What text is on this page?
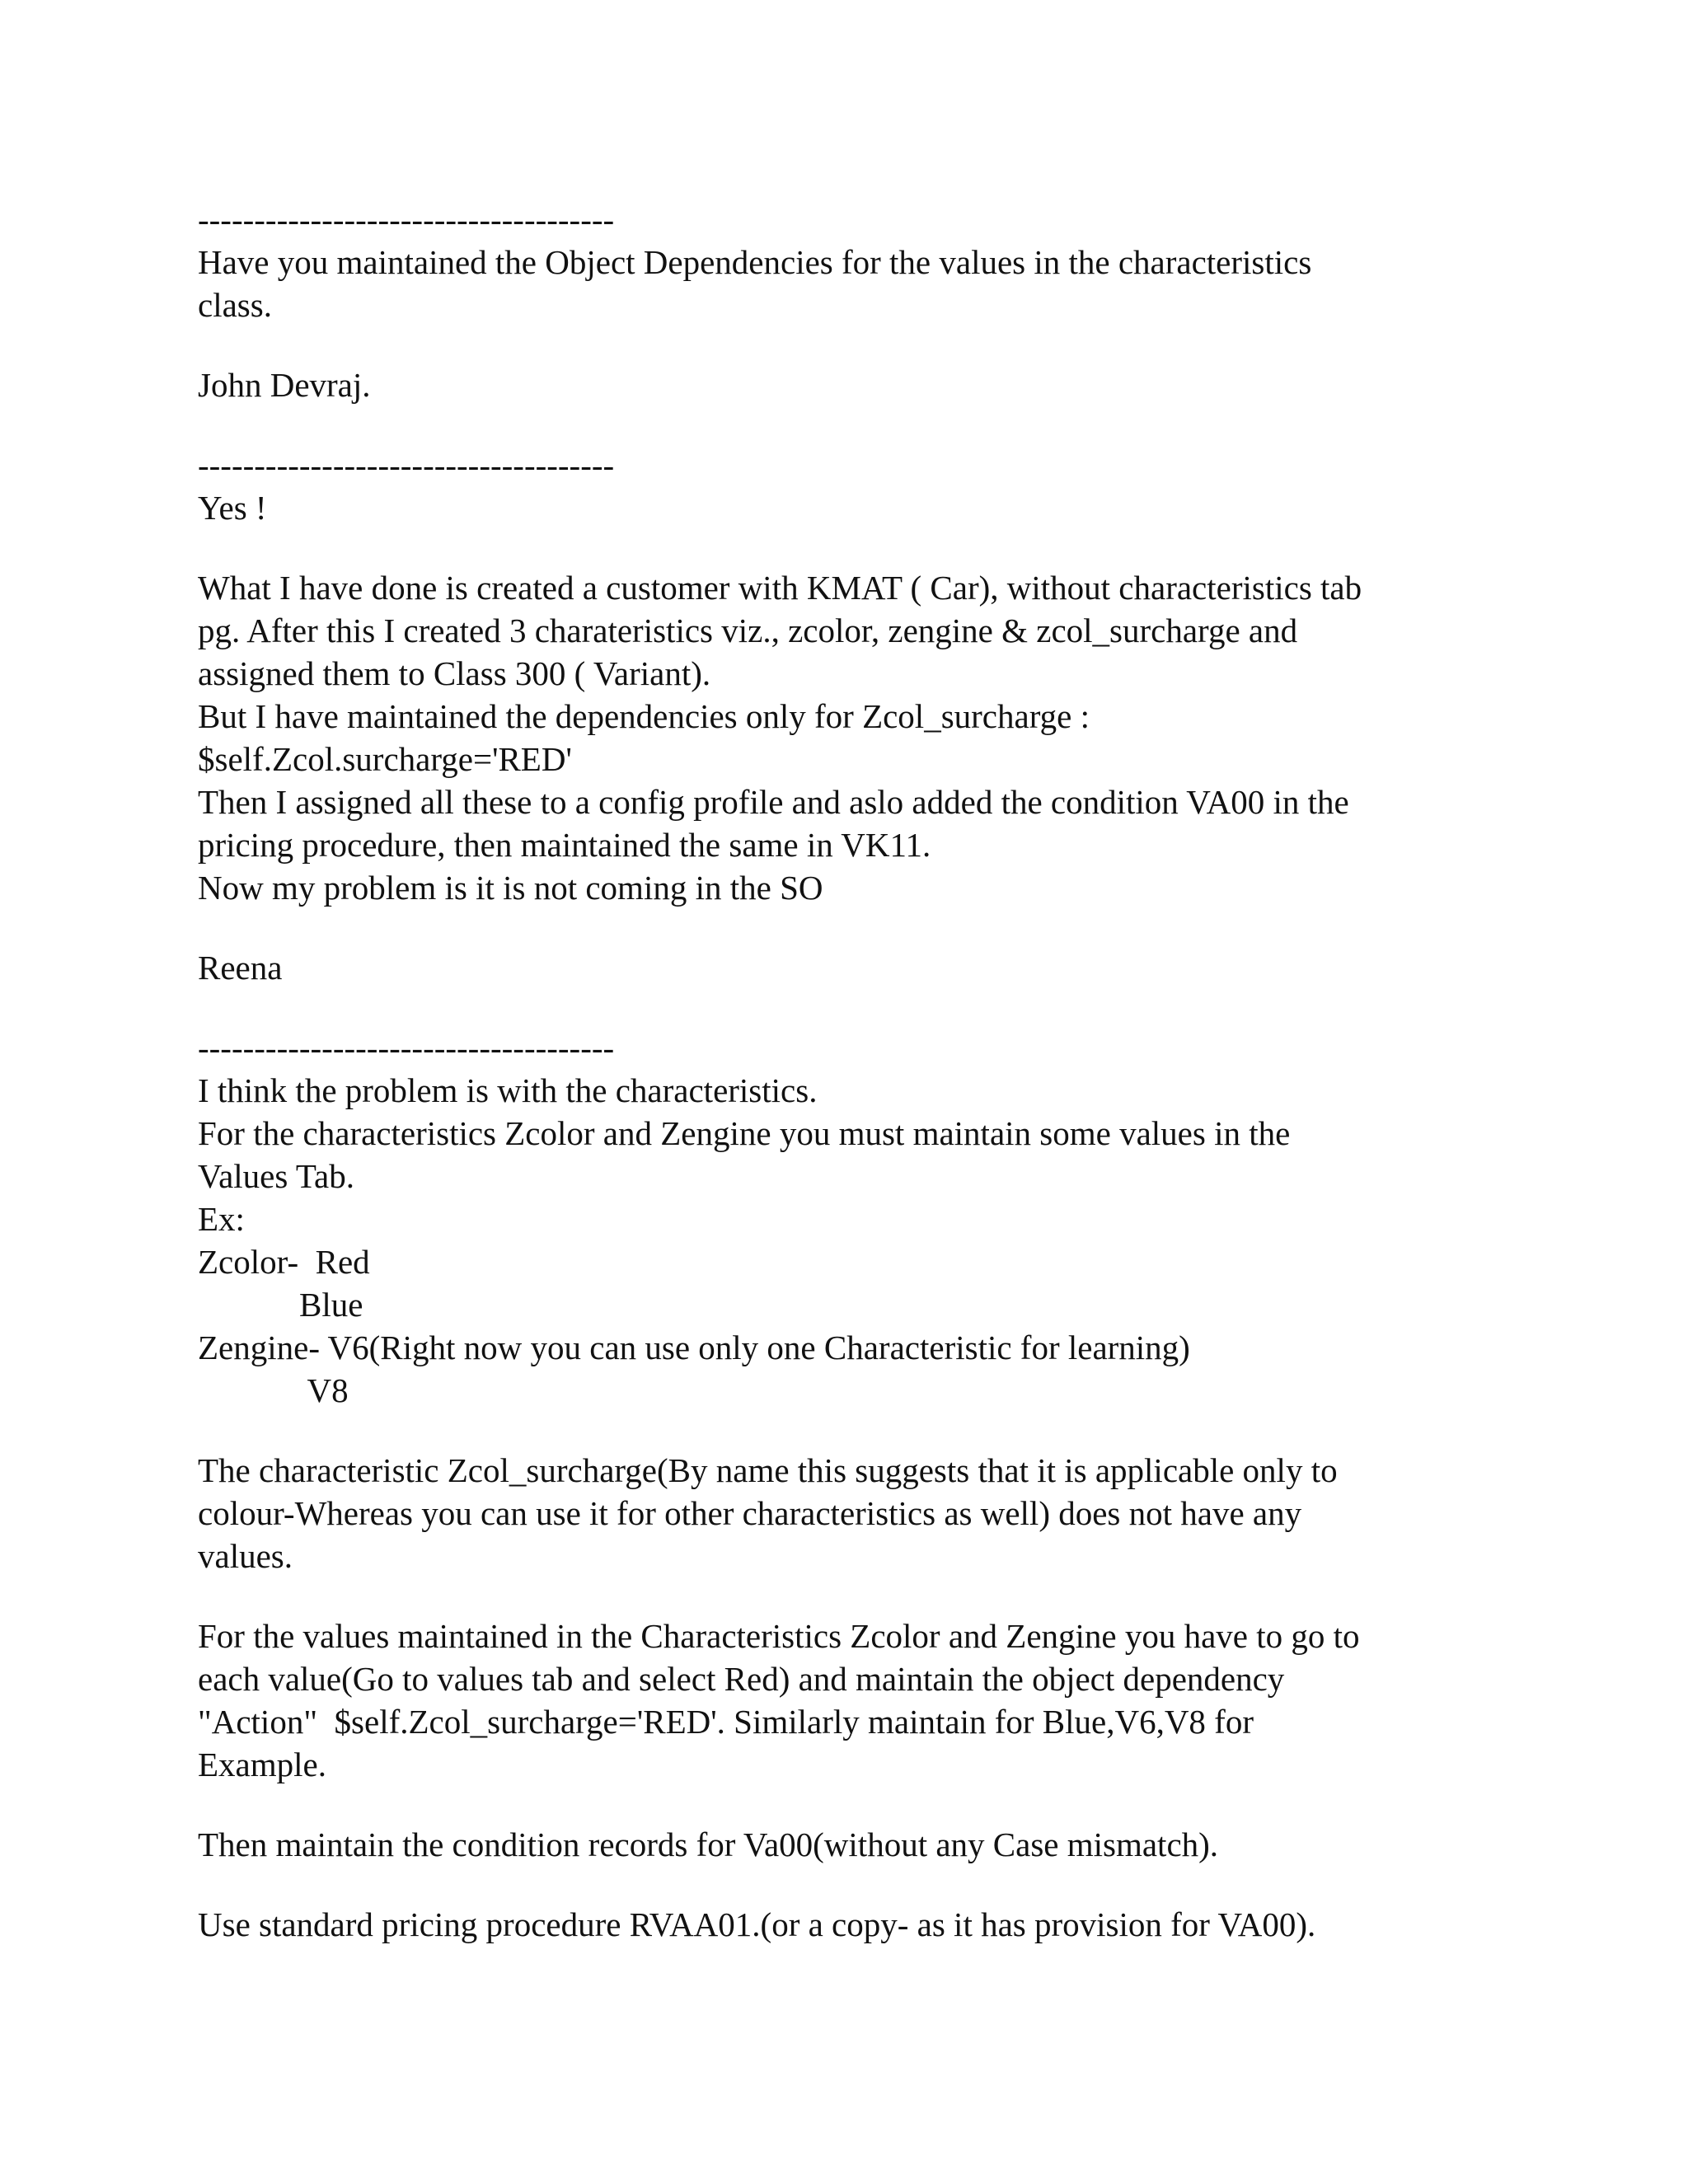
-------------------------------------
Have you maintained the Object Dependencies for the values in the characteristics
class.
John Devraj.
-------------------------------------
Yes !
What I have done is created a customer with KMAT ( Car), without characteristics tab
pg. After this I created 3 charateristics viz., zcolor, zengine & zcol_surcharge and
assigned them to Class 300 ( Variant).
But I have maintained the dependencies only for Zcol_surcharge :
$self.Zcol.surcharge='RED'
Then I assigned all these to a config profile and aslo added the condition VA00 in the
pricing procedure, then maintained the same in VK11.
Now my problem is it is not coming in the SO
Reena
-------------------------------------
I think the problem is with the characteristics.
For the characteristics Zcolor and Zengine you must maintain some values in the
Values Tab.
Ex:
Zcolor-  Red
Blue
Zengine- V6(Right now you can use only one Characteristic for learning)
V8
The characteristic Zcol_surcharge(By name this suggests that it is applicable only to
colour-Whereas you can use it for other characteristics as well) does not have any
values.
For the values maintained in the Characteristics Zcolor and Zengine you have to go to
each value(Go to values tab and select Red) and maintain the object dependency
"Action"  $self.Zcol_surcharge='RED'. Similarly maintain for Blue,V6,V8 for
Example.
Then maintain the condition records for Va00(without any Case mismatch).
Use standard pricing procedure RVAA01.(or a copy- as it has provision for VA00).
